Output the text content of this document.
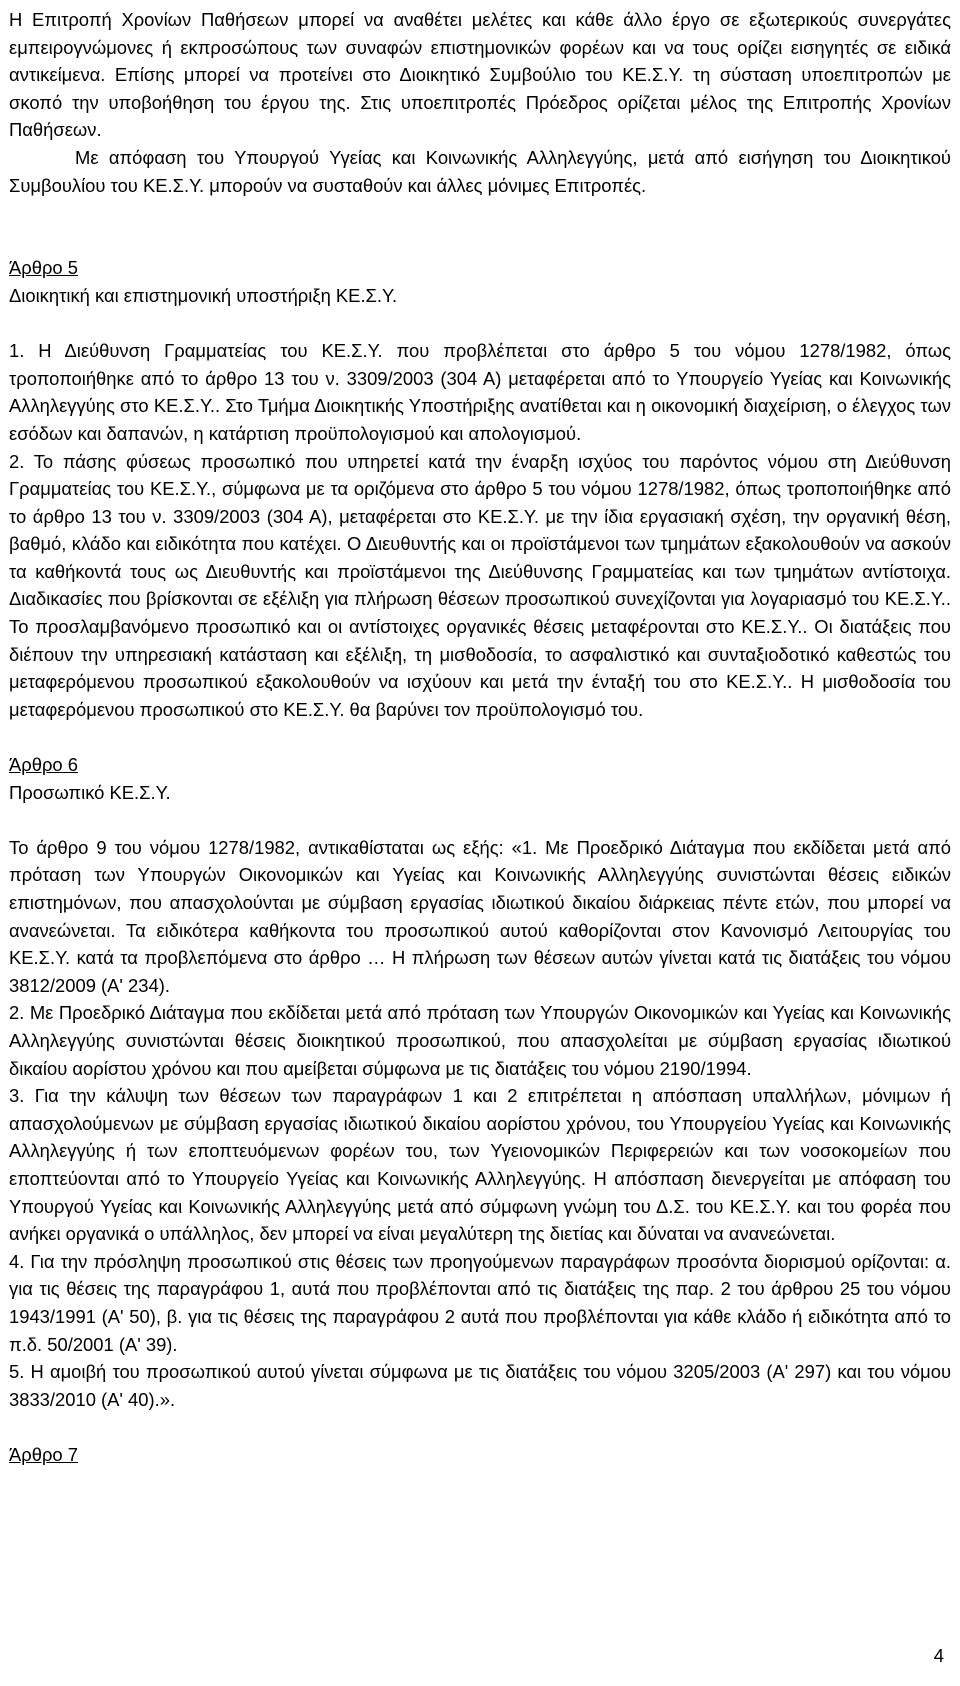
Η Επιτροπή Χρονίων Παθήσεων μπορεί να αναθέτει μελέτες και κάθε άλλο έργο σε εξωτερικούς συνεργάτες εμπειρογνώμονες ή εκπροσώπους των συναφών επιστημονικών φορέων και να τους ορίζει εισηγητές σε ειδικά αντικείμενα. Επίσης μπορεί να προτείνει στο Διοικητικό Συμβούλιο του ΚΕ.Σ.Υ. τη σύσταση υποεπιτροπών με σκοπό την υποβοήθηση του έργου της. Στις υποεπιτροπές Πρόεδρος ορίζεται μέλος της Επιτροπής Χρονίων Παθήσεων.

Με απόφαση του Υπουργού Υγείας και Κοινωνικής Αλληλεγγύης, μετά από εισήγηση του Διοικητικού Συμβουλίου του ΚΕ.Σ.Υ. μπορούν να συσταθούν και άλλες μόνιμες Επιτροπές.

Άρθρο 5

Διοικητική και επιστημονική υποστήριξη ΚΕ.Σ.Υ.

1. Η Διεύθυνση Γραμματείας του ΚΕ.Σ.Υ. που προβλέπεται στο άρθρο 5 του νόμου 1278/1982, όπως τροποποιήθηκε από το άρθρο 13 του ν. 3309/2003 (304 Α) μεταφέρεται από το Υπουργείο Υγείας και Κοινωνικής Αλληλεγγύης στο ΚΕ.Σ.Υ.. Στο Τμήμα Διοικητικής Υποστήριξης ανατίθεται και η οικονομική διαχείριση, ο έλεγχος των εσόδων και δαπανών, η κατάρτιση προϋπολογισμού και απολογισμού.

2. Το πάσης φύσεως προσωπικό που υπηρετεί κατά την έναρξη ισχύος του παρόντος νόμου στη Διεύθυνση Γραμματείας του ΚΕ.Σ.Υ., σύμφωνα με τα οριζόμενα στο άρθρο 5 του νόμου 1278/1982, όπως τροποποιήθηκε από το άρθρο 13 του ν. 3309/2003 (304 Α), μεταφέρεται στο ΚΕ.Σ.Υ. με την ίδια εργασιακή σχέση, την οργανική θέση, βαθμό, κλάδο και ειδικότητα που κατέχει. Ο Διευθυντής και οι προϊστάμενοι των τμημάτων εξακολουθούν να ασκούν τα καθήκοντά τους ως Διευθυντής και προϊστάμενοι της Διεύθυνσης Γραμματείας και των τμημάτων αντίστοιχα. Διαδικασίες που βρίσκονται σε εξέλιξη για πλήρωση θέσεων προσωπικού συνεχίζονται για λογαριασμό του ΚΕ.Σ.Υ.. Το προσλαμβανόμενο προσωπικό και οι αντίστοιχες οργανικές θέσεις μεταφέρονται στο ΚΕ.Σ.Υ.. Οι διατάξεις που διέπουν την υπηρεσιακή κατάσταση και εξέλιξη, τη μισθοδοσία, το ασφαλιστικό και συνταξιοδοτικό καθεστώς του μεταφερόμενου προσωπικού εξακολουθούν να ισχύουν και μετά την ένταξή του στο ΚΕ.Σ.Υ.. Η μισθοδοσία του μεταφερόμενου προσωπικού στο ΚΕ.Σ.Υ. θα βαρύνει τον προϋπολογισμό του.

Άρθρο 6

Προσωπικό ΚΕ.Σ.Υ.

Το άρθρο 9 του νόμου 1278/1982, αντικαθίσταται ως εξής: «1. Με Προεδρικό Διάταγμα που εκδίδεται μετά από πρόταση των Υπουργών Οικονομικών και Υγείας και Κοινωνικής Αλληλεγγύης συνιστώνται θέσεις ειδικών επιστημόνων, που απασχολούνται με σύμβαση εργασίας ιδιωτικού δικαίου διάρκειας πέντε ετών, που μπορεί να ανανεώνεται. Τα ειδικότερα καθήκοντα του προσωπικού αυτού καθορίζονται στον Κανονισμό Λειτουργίας του ΚΕ.Σ.Υ. κατά τα προβλεπόμενα στο άρθρο … Η πλήρωση των θέσεων αυτών γίνεται κατά τις διατάξεις του νόμου 3812/2009 (Α' 234).

2. Με Προεδρικό Διάταγμα που εκδίδεται μετά από πρόταση των Υπουργών Οικονομικών και Υγείας και Κοινωνικής Αλληλεγγύης συνιστώνται θέσεις διοικητικού προσωπικού, που απασχολείται με σύμβαση εργασίας ιδιωτικού δικαίου αορίστου χρόνου και που αμείβεται σύμφωνα με τις διατάξεις του νόμου 2190/1994.

3. Για την κάλυψη των θέσεων των παραγράφων 1 και 2 επιτρέπεται η απόσπαση υπαλλήλων, μόνιμων ή απασχολούμενων με σύμβαση εργασίας ιδιωτικού δικαίου αορίστου χρόνου, του Υπουργείου Υγείας και Κοινωνικής Αλληλεγγύης ή των εποπτευόμενων φορέων του, των Υγειονομικών Περιφερειών και των νοσοκομείων που εποπτεύονται από το Υπουργείο Υγείας και Κοινωνικής Αλληλεγγύης. Η απόσπαση διενεργείται με απόφαση του Υπουργού Υγείας και Κοινωνικής Αλληλεγγύης μετά από σύμφωνη γνώμη του Δ.Σ. του ΚΕ.Σ.Υ. και του φορέα που ανήκει οργανικά ο υπάλληλος, δεν μπορεί να είναι μεγαλύτερη της διετίας και δύναται να ανανεώνεται.

4. Για την πρόσληψη προσωπικού στις θέσεις των προηγούμενων παραγράφων προσόντα διορισμού ορίζονται: α. για τις θέσεις της παραγράφου 1, αυτά που προβλέπονται από τις διατάξεις της παρ. 2 του άρθρου 25 του νόμου 1943/1991 (Α' 50), β. για τις θέσεις της παραγράφου 2 αυτά που προβλέπονται για κάθε κλάδο ή ειδικότητα από το π.δ. 50/2001 (Α' 39).

5. Η αμοιβή του προσωπικού αυτού γίνεται σύμφωνα με τις διατάξεις του νόμου 3205/2003 (Α' 297) και του νόμου 3833/2010 (Α' 40).».

Άρθρο 7

4
